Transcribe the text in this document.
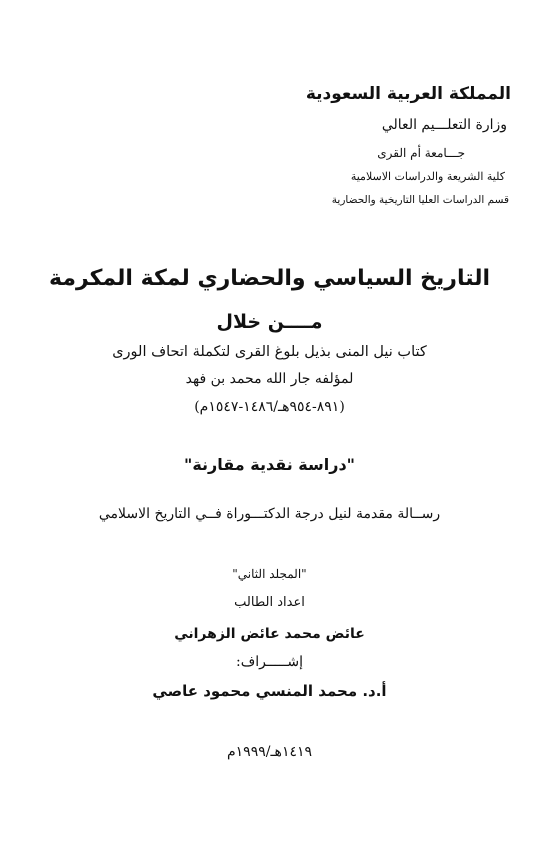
المملكة العربية السعودية

وزارة التعلـــيم العالي

جـــامعة أم القرى

كلية الشريعة والدراسات الاسلامية

قسم الدراسات العليا التاريخية والحضارية

التاريخ السياسي والحضاري لمكة المكرمة
مــــن خلال

كتاب نيل المنى بذيل بلوغ القرى لتكملة اتحاف الورى

لمؤلفه جار الله محمد بن فهد

(٨٩١-٩٥٤هـ/١٤٨٦-١٥٤٧م)

"دراسة نقدية مقارنة"

رســالة مقدمة لنيل درجة الدكتـــوراة فــي التاريخ الاسلامي

"المجلد الثاني"

اعداد الطالب

عائض محمد عائض الزهراني

إشـــــراف:

أ.د. محمد المنسي محمود عاصي

١٤١٩هـ/١٩٩٩م
